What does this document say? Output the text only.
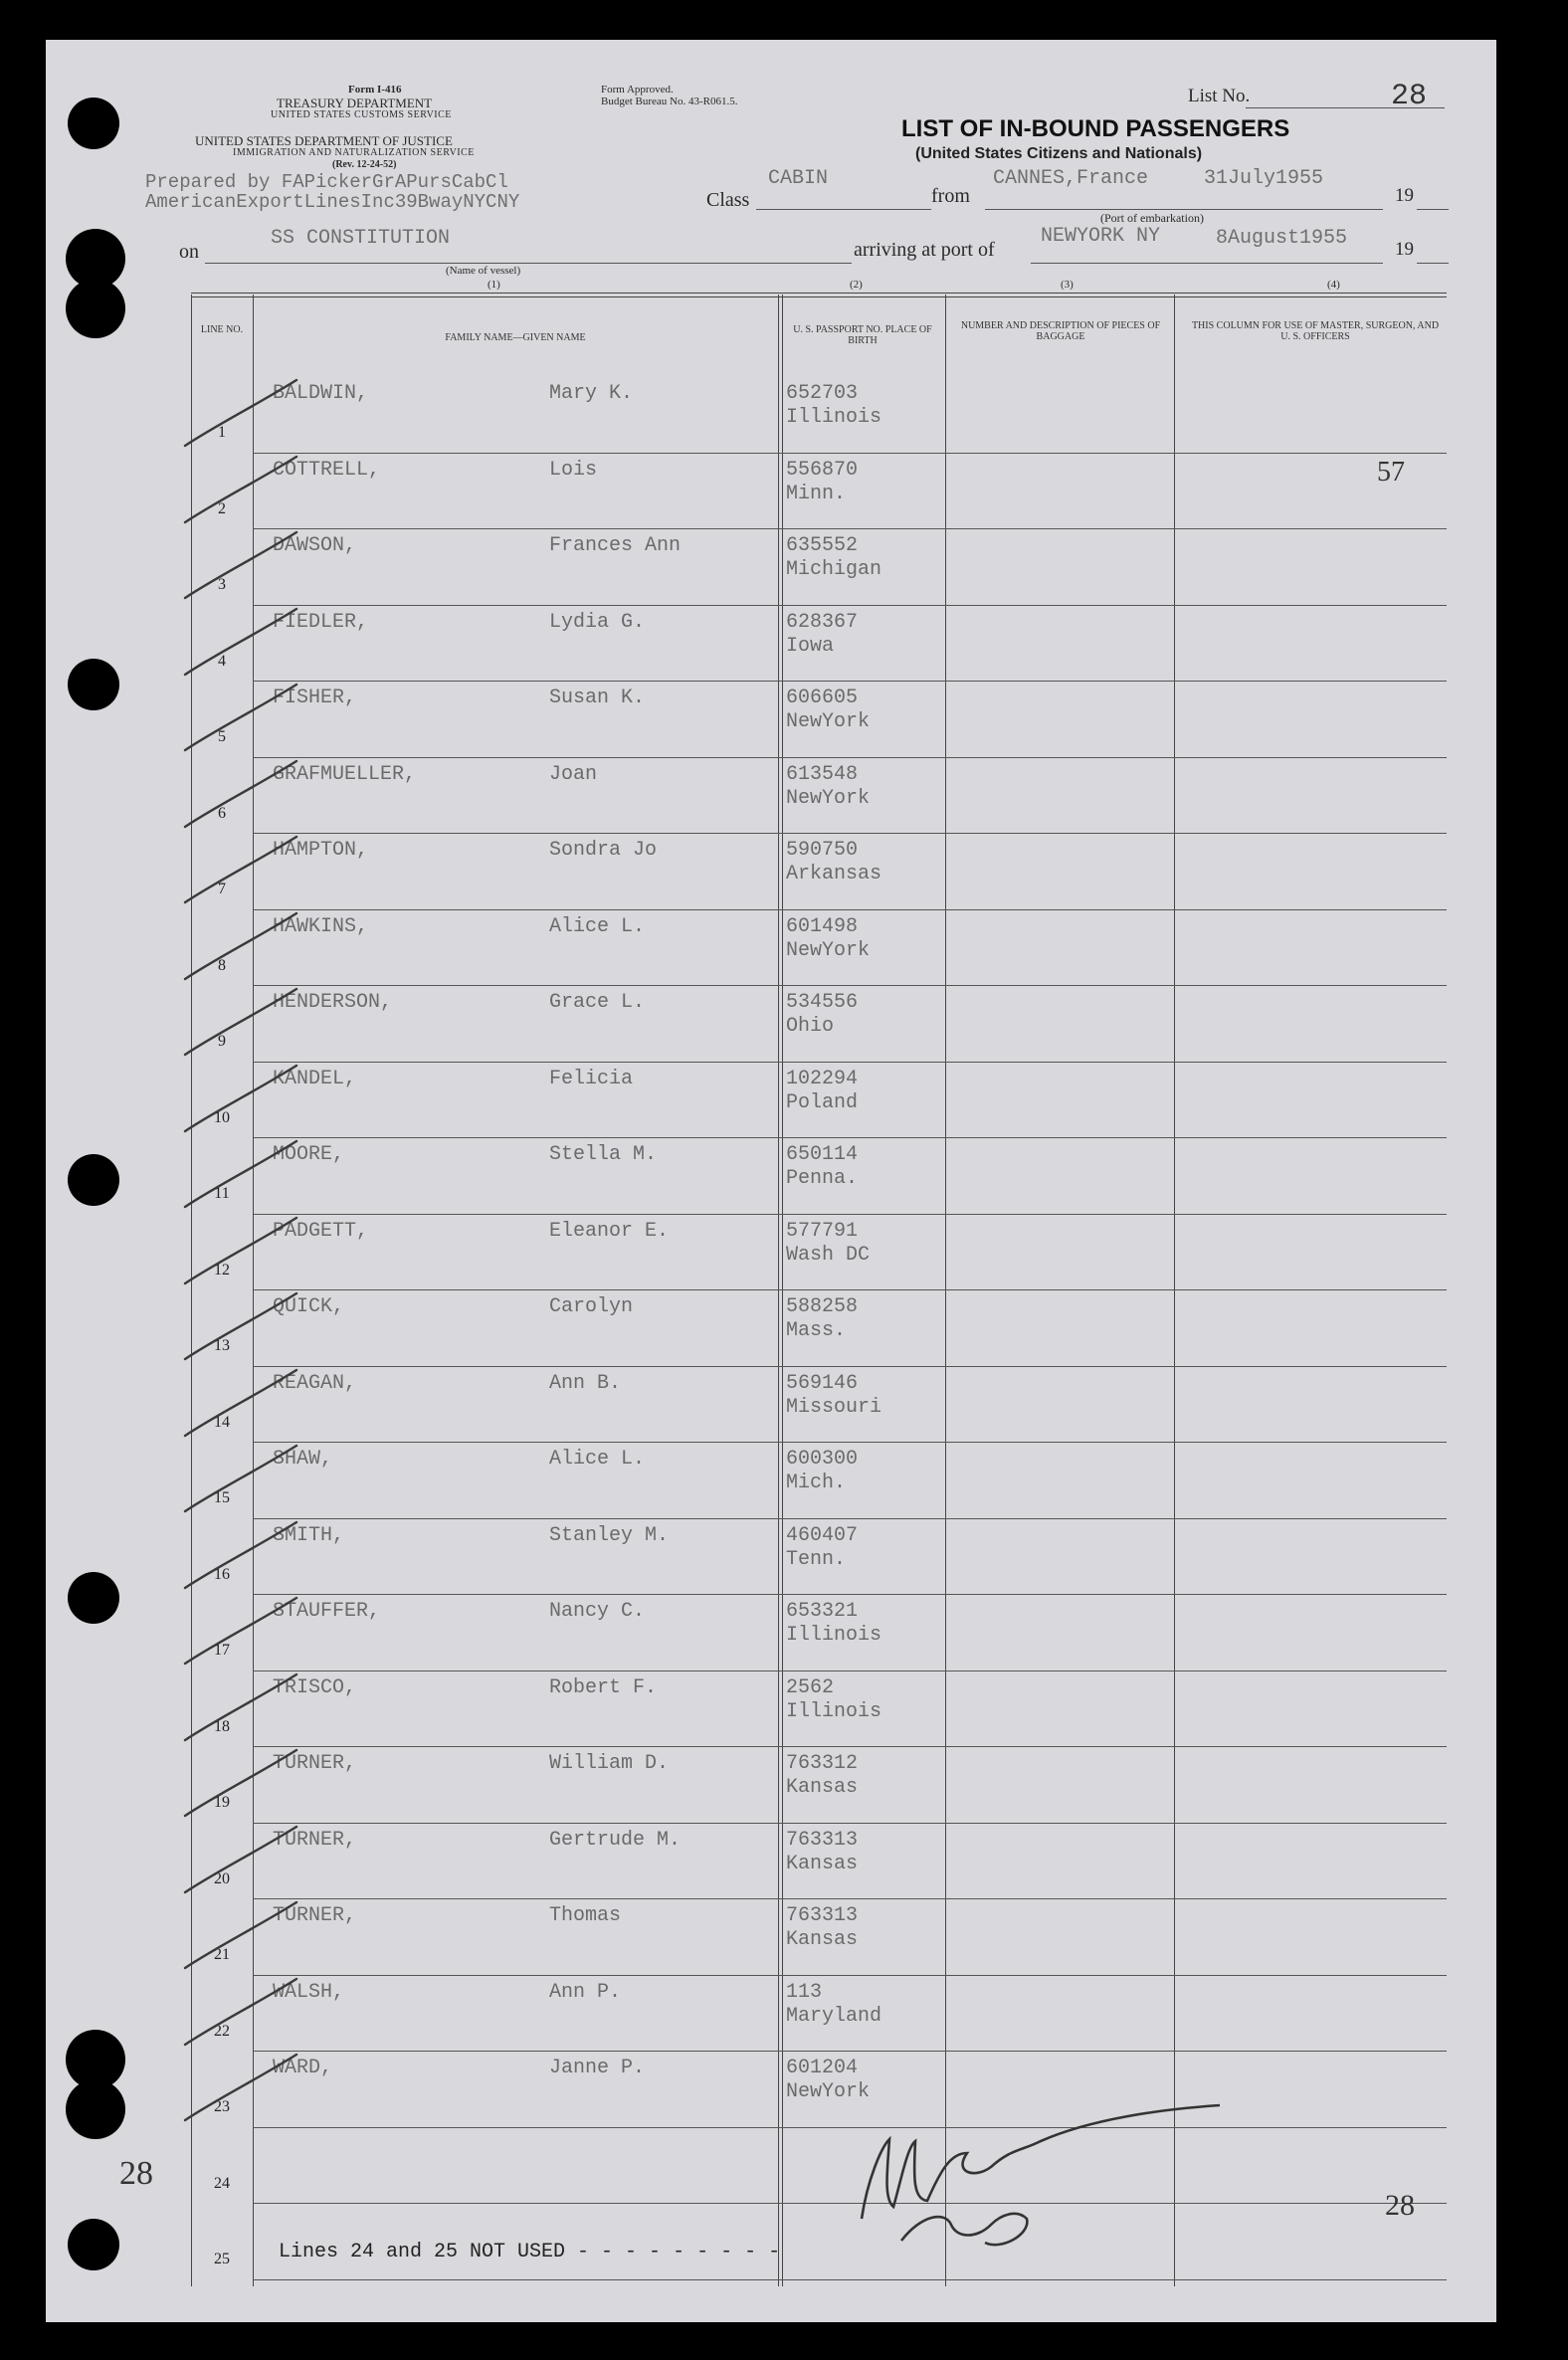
Form I-416
TREASURY DEPARTMENT
UNITED STATES CUSTOMS SERVICE
UNITED STATES DEPARTMENT OF JUSTICE
IMMIGRATION AND NATURALIZATION SERVICE
(Rev. 12-24-52)
Prepared by FAPickerGrAPursCabCl
AmericanExportLinesInc39BwayNYCNY
Form Approved.
Budget Bureau No. 43-R061.5.	List No.	28
LIST OF IN-BOUND PASSENGERS
(United States Citizens and Nationals)
Class
CABIN
from
CANNES,France	31July1955
19
(Port of embarkation)
on
SS CONSTITUTION
(Name of vessel)
arriving at port of
NEWYORK NY	8August1955	19
(1)	(2)	(3)	(4)
LINE NO.
FAMILY NAME—GIVEN NAME
U. S. PASSPORT NO. PLACE OF BIRTH
NUMBER AND DESCRIPTION OF PIECES OF BAGGAGE
THIS COLUMN FOR USE OF MASTER, SURGEON, AND U. S. OFFICERS
1
BALDWIN,	Mary K.	652703
Illinois
2
COTTRELL,	Lois	556870
Minn.
57
3
DAWSON,	Frances Ann	635552
Michigan
4
FIEDLER,	Lydia G.	628367
Iowa
5
FISHER,	Susan K.	606605
NewYork
6
GRAFMUELLER,	Joan	613548
NewYork
7
HAMPTON,	Sondra Jo	590750
Arkansas
8
HAWKINS,	Alice L.	601498
NewYork
9
HENDERSON,	Grace L.	534556
Ohio
10
KANDEL,	Felicia	102294
Poland
11
MOORE,	Stella M.	650114
Penna.
12
PADGETT,	Eleanor E.	577791
Wash DC
13
QUICK,	Carolyn	588258
Mass.
14
REAGAN,	Ann B.	569146
Missouri
15
SHAW,	Alice L.	600300
Mich.
16
SMITH,	Stanley M.	460407
Tenn.
17
STAUFFER,	Nancy C.	653321
Illinois
18
TRISCO,	Robert F.	2562
Illinois
19
TURNER,	William D.	763312
Kansas
20
TURNER,	Gertrude M.	763313
Kansas
21
TURNER,	Thomas	763313
Kansas
22
WALSH,	Ann P.	113
Maryland
23
WARD,	Janne P.	601204
NewYork
24
25	Lines 24 and 25 NOT USED - - - - - - - - -
28
28
